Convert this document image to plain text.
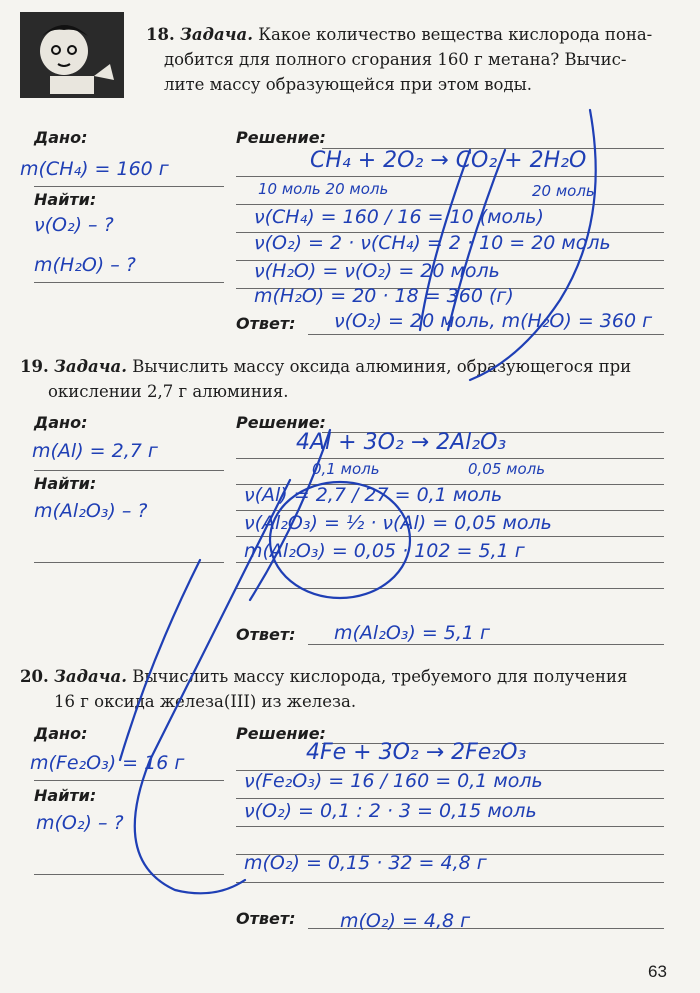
18. Задача. Какое количество вещества кислорода пона-
добится для полного сгорания 160 г метана? Вычис-
лите массу образующейся при этом воды.
Дано:
Найти:
Решение:
Ответ:
m(CH₄) = 160 г
ν(O₂) – ?
m(H₂O) – ?
CH₄ + 2O₂ → CO₂ + 2H₂O
10 моль 20 моль	20 моль
ν(CH₄) = 160 / 16 = 10 (моль)
ν(O₂) = 2 · ν(CH₄) = 2 · 10 = 20 моль
ν(H₂O) = ν(O₂) = 20 моль
m(H₂O) = 20 · 18 = 360 (г)
ν(O₂) = 20 моль, m(H₂O) = 360 г
19. Задача. Вычислить массу оксида алюминия, образующегося при
окислении 2,7 г алюминия.
Дано:
Найти:
Решение:
Ответ:
m(Al) = 2,7 г
m(Al₂O₃) – ?
4Al + 3O₂ → 2Al₂O₃
0,1 моль	0,05 моль
ν(Al) = 2,7 / 27 = 0,1 моль
ν(Al₂O₃) = ½ · ν(Al) = 0,05 моль
m(Al₂O₃) = 0,05 · 102 = 5,1 г
m(Al₂O₃) = 5,1 г
20. Задача. Вычислить массу кислорода, требуемого для получения
16 г оксида железа(III) из железа.
Дано:
Найти:
Решение:
Ответ:
m(Fe₂O₃) = 16 г
m(O₂) – ?
4Fe + 3O₂ → 2Fe₂O₃
ν(Fe₂O₃) = 16 / 160 = 0,1 моль
ν(O₂) = 0,1 : 2 · 3 = 0,15 моль
m(O₂) = 0,15 · 32 = 4,8 г
m(O₂) = 4,8 г
63
